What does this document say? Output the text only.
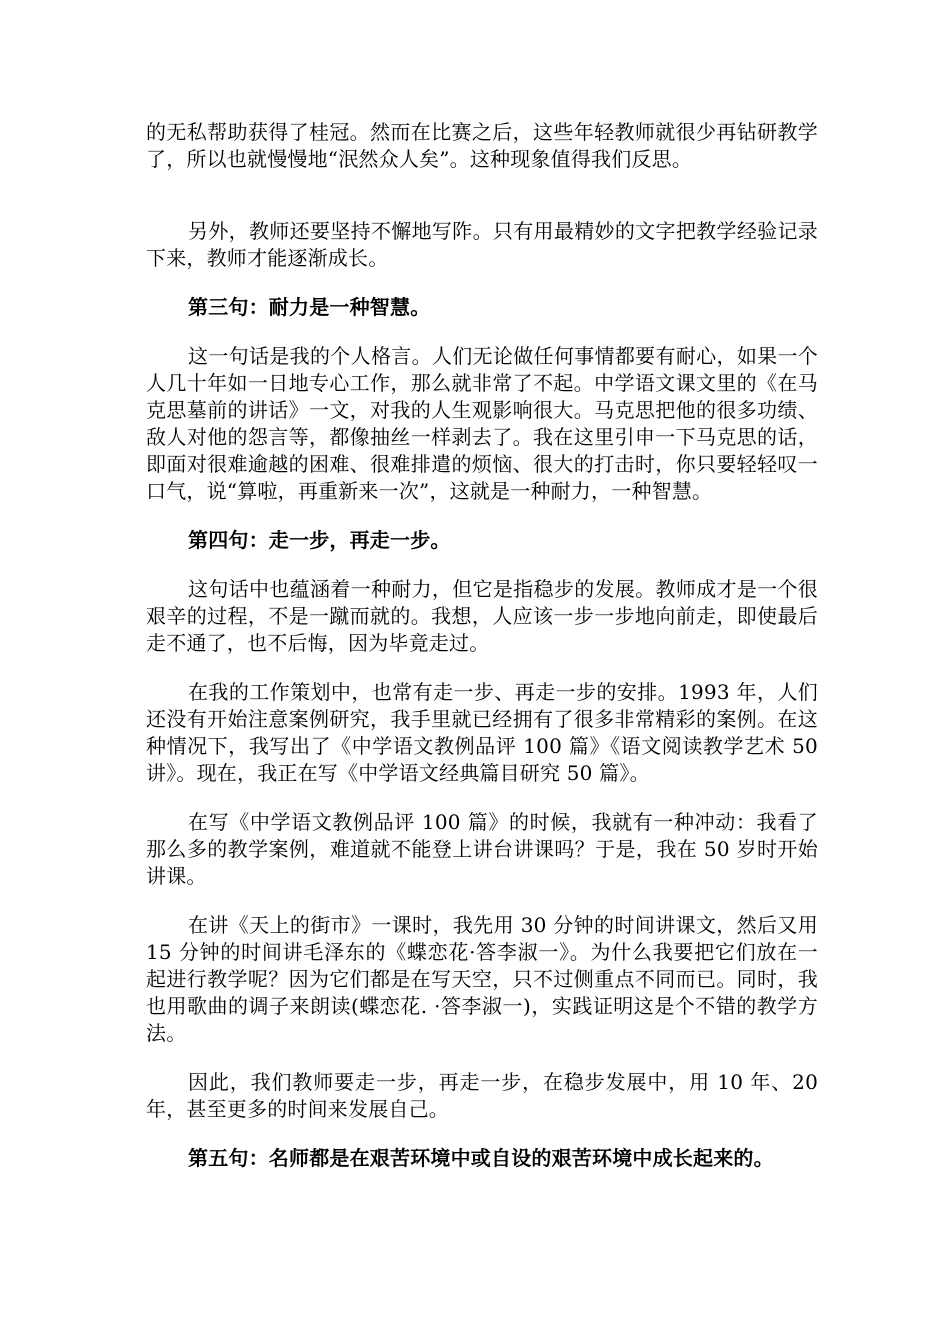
的无私帮助获得了桂冠。然而在比赛之后，这些年轻教师就很少再钻研教学了，所以也就慢慢地“泯然众人矣”。这种现象值得我们反思。

另外，教师还要坚持不懈地写阼。只有用最精妙的文字把教学经验记录下来，教师才能逐渐成长。

第三句：耐力是一种智慧。

这一句话是我的个人格言。人们无论做任何事情都要有耐心，如果一个人几十年如一日地专心工作，那么就非常了不起。中学语文课文里的《在马克思墓前的讲话》一文，对我的人生观影响很大。马克思把他的很多功绩、敌人对他的怨言等，都像抽丝一样剥去了。我在这里引申一下马克思的话，即面对很难逾越的困难、很难排遣的烦恼、很大的打击时，你只要轻轻叹一口气，说“算啦，再重新来一次”，这就是一种耐力，一种智慧。

第四句：走一步，再走一步。

这句话中也蕴涵着一种耐力，但它是指稳步的发展。教师成才是一个很艰辛的过程，不是一蹴而就的。我想，人应该一步一步地向前走，即使最后走不通了，也不后悔，因为毕竟走过。

在我的工作策划中，也常有走一步、再走一步的安排。1993 年，人们还没有开始注意案例研究，我手里就已经拥有了很多非常精彩的案例。在这种情况下，我写出了《中学语文教例品评 100 篇》《语文阅读教学艺术 50 讲》。现在，我正在写《中学语文经典篇目研究 50 篇》。

在写《中学语文教例品评 100 篇》的时候，我就有一种冲动：我看了那么多的教学案例，难道就不能登上讲台讲课吗？于是，我在 50 岁时开始讲课。

在讲《天上的街市》一课时，我先用 30 分钟的时间讲课文，然后又用 15 分钟的时间讲毛泽东的《蝶恋花·答李淑一》。为什么我要把它们放在一起进行教学呢？因为它们都是在写天空，只不过侧重点不同而已。同时，我也用歌曲的调子来朗读(蝶恋花. ·答李淑一)，实践证明这是个不错的教学方法。

因此，我们教师要走一步，再走一步，在稳步发展中，用 10 年、20 年，甚至更多的时间来发展自己。

第五句：名师都是在艰苦环境中或自设的艰苦环境中成长起来的。
